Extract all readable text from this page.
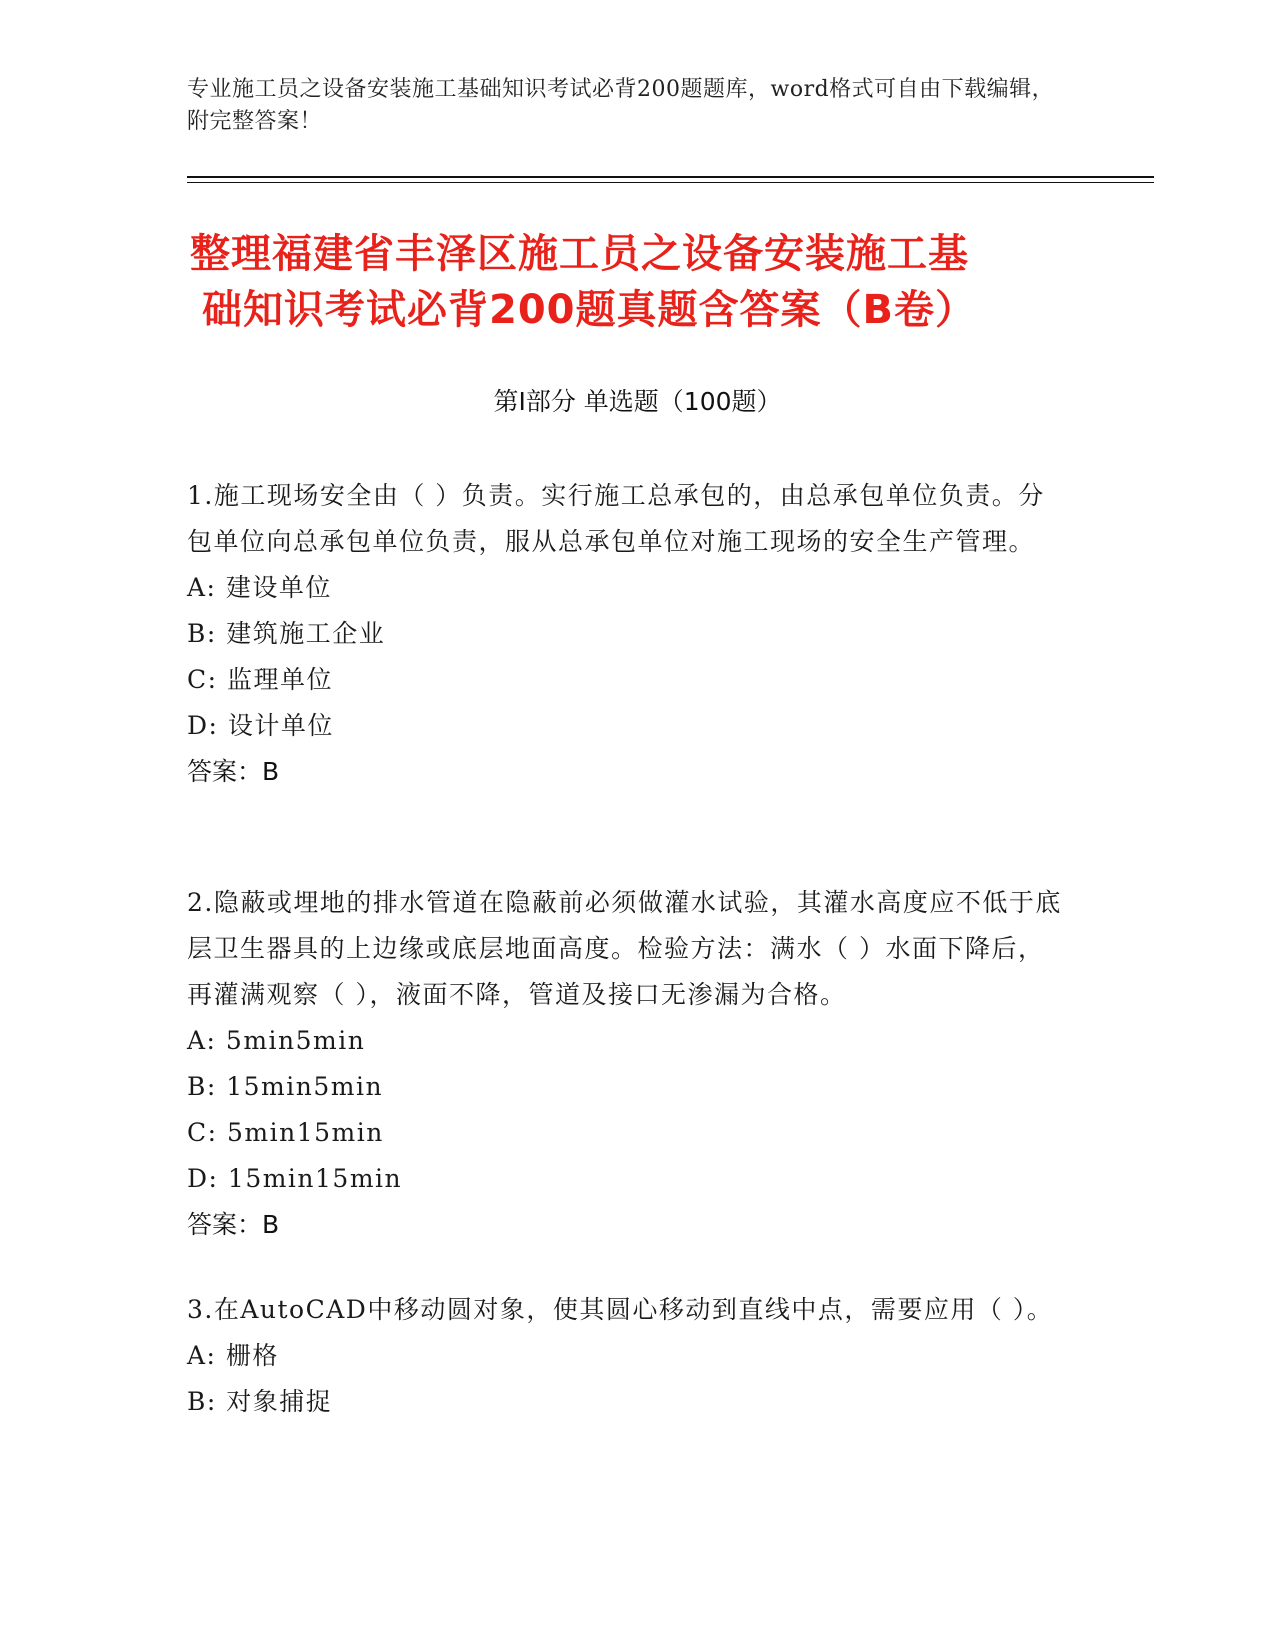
专业施工员之设备安装施工基础知识考试必背200题题库，word格式可自由下载编辑，附完整答案！
整理福建省丰泽区施工员之设备安装施工基
础知识考试必背200题真题含答案（B卷）
第Ⅰ部分 单选题（100题）
1.施工现场安全由（ ）负责。实行施工总承包的，由总承包单位负责。分包单位向总承包单位负责，服从总承包单位对施工现场的安全生产管理。
A: 建设单位
B: 建筑施工企业
C: 监理单位
D: 设计单位
答案：B
2.隐蔽或埋地的排水管道在隐蔽前必须做灌水试验，其灌水高度应不低于底层卫生器具的上边缘或底层地面高度。检验方法：满水（ ）水面下降后，再灌满观察（ ），液面不降，管道及接口无渗漏为合格。
A: 5min5min
B: 15min5min
C: 5min15min
D: 15min15min
答案：B
3.在AutoCAD中移动圆对象，使其圆心移动到直线中点，需要应用（ ）。
A: 栅格
B: 对象捕捉
